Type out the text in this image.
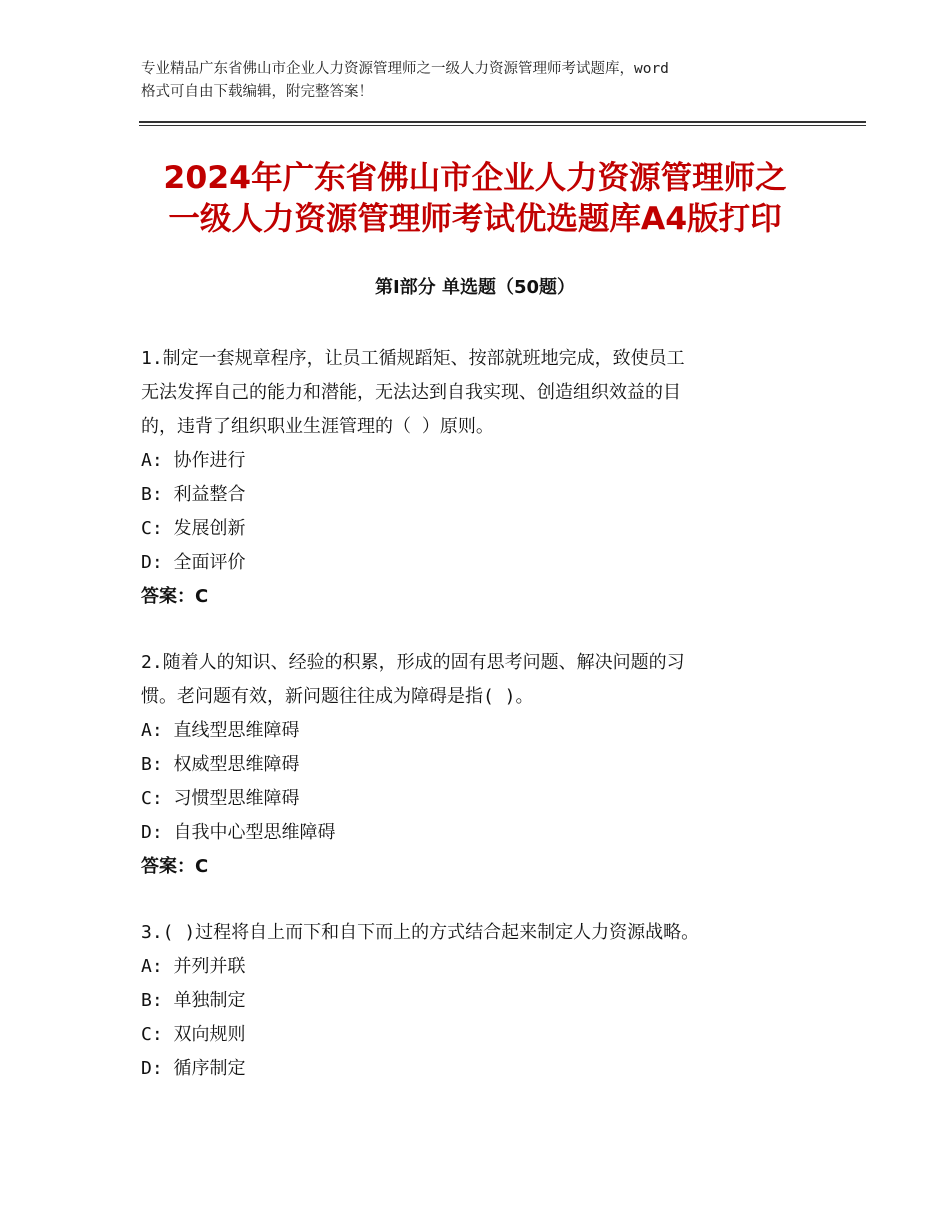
专业精品广东省佛山市企业人力资源管理师之一级人力资源管理师考试题库，word
格式可自由下载编辑，附完整答案！
2024年广东省佛山市企业人力资源管理师之
一级人力资源管理师考试优选题库A4版打印
第Ⅰ部分 单选题（50题）
1.制定一套规章程序，让员工循规蹈矩、按部就班地完成，致使员工
无法发挥自己的能力和潜能，无法达到自我实现、创造组织效益的目
的，违背了组织职业生涯管理的（ ）原则。
A: 协作进行
B: 利益整合
C: 发展创新
D: 全面评价
答案：C
2.随着人的知识、经验的积累，形成的固有思考问题、解决问题的习
惯。老问题有效，新问题往往成为障碍是指( )。
A: 直线型思维障碍
B: 权威型思维障碍
C: 习惯型思维障碍
D: 自我中心型思维障碍
答案：C
3.( )过程将自上而下和自下而上的方式结合起来制定人力资源战略。
A: 并列并联
B: 单独制定
C: 双向规则
D: 循序制定
